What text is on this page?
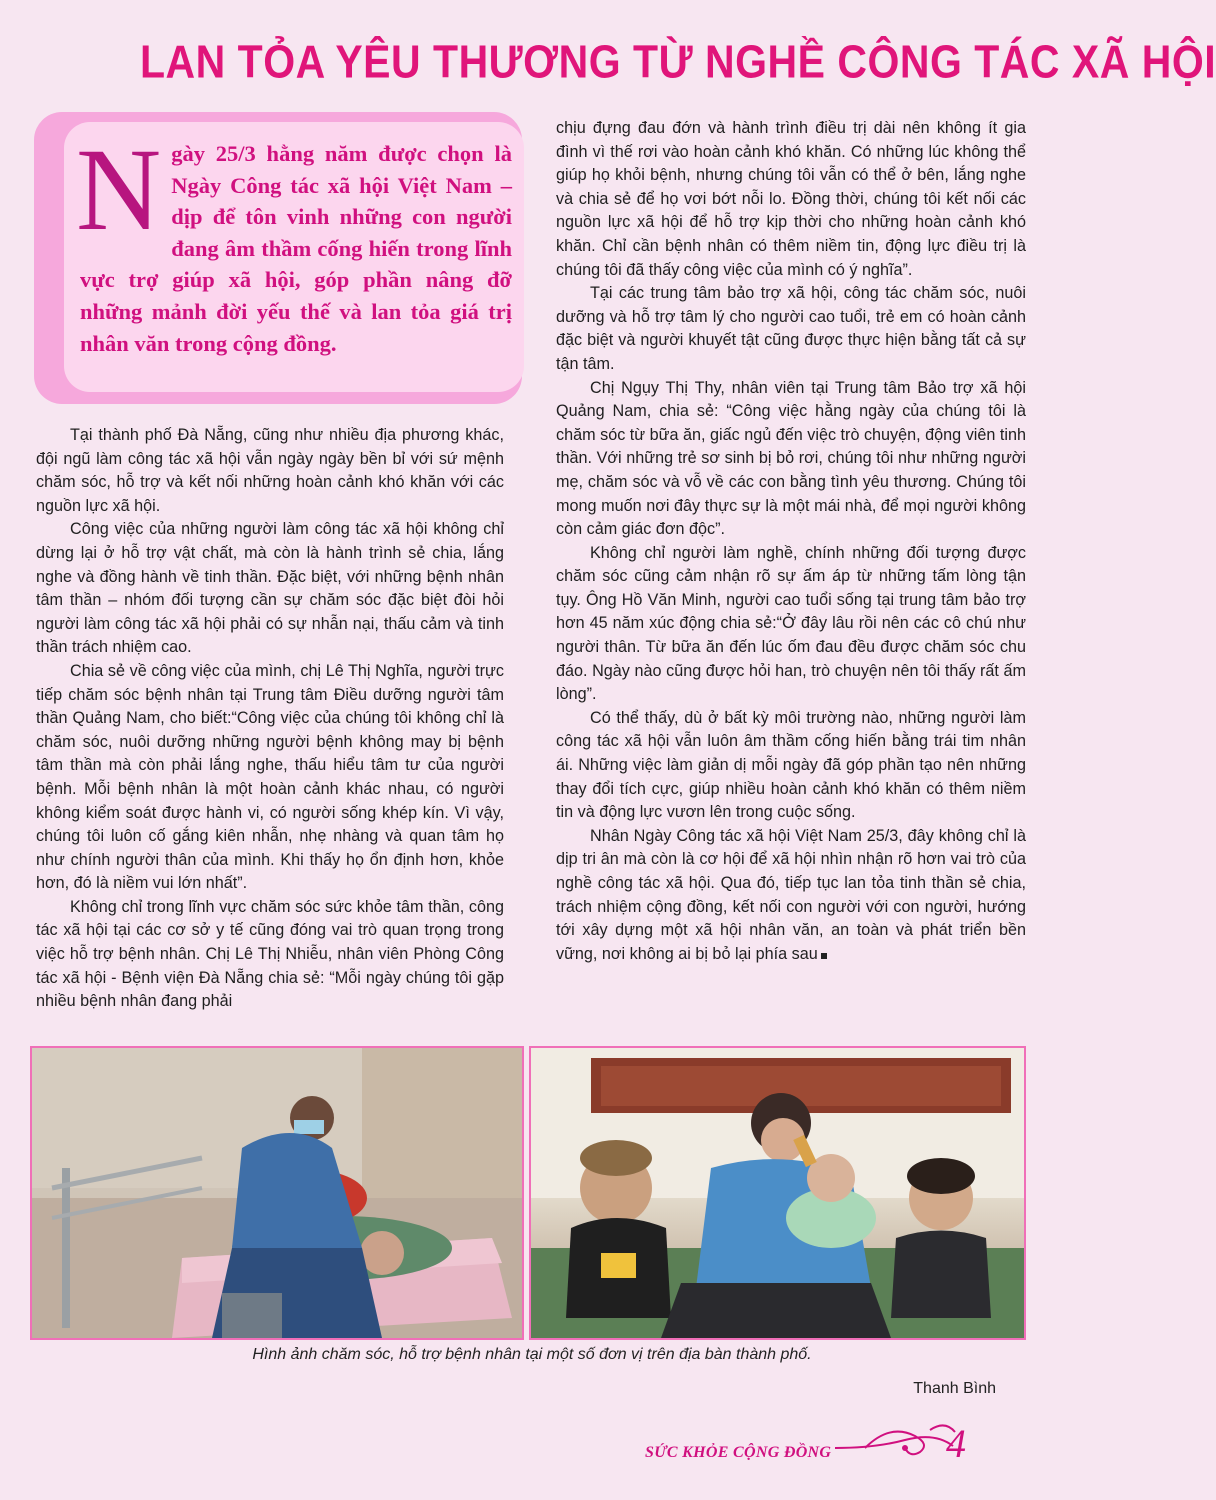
LAN TỎA YÊU THƯƠNG TỪ NGHỀ CÔNG TÁC XÃ HỘI
Ngày 25/3 hằng năm được chọn là Ngày Công tác xã hội Việt Nam – dịp để tôn vinh những con người đang âm thầm cống hiến trong lĩnh vực trợ giúp xã hội, góp phần nâng đỡ những mảnh đời yếu thế và lan tỏa giá trị nhân văn trong cộng đồng.

Tại thành phố Đà Nẵng, cũng như nhiều địa phương khác, đội ngũ làm công tác xã hội vẫn ngày ngày bền bỉ với sứ mệnh chăm sóc, hỗ trợ và kết nối những hoàn cảnh khó khăn với các nguồn lực xã hội.

Công việc của những người làm công tác xã hội không chỉ dừng lại ở hỗ trợ vật chất, mà còn là hành trình sẻ chia, lắng nghe và đồng hành về tinh thần. Đặc biệt, với những bệnh nhân tâm thần – nhóm đối tượng cần sự chăm sóc đặc biệt đòi hỏi người làm công tác xã hội phải có sự nhẫn nại, thấu cảm và tinh thần trách nhiệm cao.

Chia sẻ về công việc của mình, chị Lê Thị Nghĩa, người trực tiếp chăm sóc bệnh nhân tại Trung tâm Điều dưỡng người tâm thần Quảng Nam, cho biết:“Công việc của chúng tôi không chỉ là chăm sóc, nuôi dưỡng những người bệnh không may bị bệnh tâm thần mà còn phải lắng nghe, thấu hiểu tâm tư của người bệnh. Mỗi bệnh nhân là một hoàn cảnh khác nhau, có người không kiểm soát được hành vi, có người sống khép kín. Vì vậy, chúng tôi luôn cố gắng kiên nhẫn, nhẹ nhàng và quan tâm họ như chính người thân của mình. Khi thấy họ ổn định hơn, khỏe hơn, đó là niềm vui lớn nhất”.

Không chỉ trong lĩnh vực chăm sóc sức khỏe tâm thần, công tác xã hội tại các cơ sở y tế cũng đóng vai trò quan trọng trong việc hỗ trợ bệnh nhân. Chị Lê Thị Nhiễu, nhân viên Phòng Công tác xã hội - Bệnh viện Đà Nẵng chia sẻ: “Mỗi ngày chúng tôi gặp nhiều bệnh nhân đang phải

chịu đựng đau đớn và hành trình điều trị dài nên không ít gia đình vì thế rơi vào hoàn cảnh khó khăn. Có những lúc không thể giúp họ khỏi bệnh, nhưng chúng tôi vẫn có thể ở bên, lắng nghe và chia sẻ để họ vơi bớt nỗi lo. Đồng thời, chúng tôi kết nối các nguồn lực xã hội để hỗ trợ kịp thời cho những hoàn cảnh khó khăn. Chỉ cần bệnh nhân có thêm niềm tin, động lực điều trị là chúng tôi đã thấy công việc của mình có ý nghĩa”.

Tại các trung tâm bảo trợ xã hội, công tác chăm sóc, nuôi dưỡng và hỗ trợ tâm lý cho người cao tuổi, trẻ em có hoàn cảnh đặc biệt và người khuyết tật cũng được thực hiện bằng tất cả sự tận tâm.

Chị Ngụy Thị Thy, nhân viên tại Trung tâm Bảo trợ xã hội Quảng Nam, chia sẻ: “Công việc hằng ngày của chúng tôi là chăm sóc từ bữa ăn, giấc ngủ đến việc trò chuyện, động viên tinh thần. Với những trẻ sơ sinh bị bỏ rơi, chúng tôi như những người mẹ, chăm sóc và vỗ về các con bằng tình yêu thương. Chúng tôi mong muốn nơi đây thực sự là một mái nhà, để mọi người không còn cảm giác đơn độc”.

Không chỉ người làm nghề, chính những đối tượng được chăm sóc cũng cảm nhận rõ sự ấm áp từ những tấm lòng tận tụy. Ông Hồ Văn Minh, người cao tuổi sống tại trung tâm bảo trợ hơn 45 năm xúc động chia sẻ:“Ở đây lâu rồi nên các cô chú như người thân. Từ bữa ăn đến lúc ốm đau đều được chăm sóc chu đáo. Ngày nào cũng được hỏi han, trò chuyện nên tôi thấy rất ấm lòng”.

Có thể thấy, dù ở bất kỳ môi trường nào, những người làm công tác xã hội vẫn luôn âm thầm cống hiến bằng trái tim nhân ái. Những việc làm giản dị mỗi ngày đã góp phần tạo nên những thay đổi tích cực, giúp nhiều hoàn cảnh khó khăn có thêm niềm tin và động lực vươn lên trong cuộc sống.

Nhân Ngày Công tác xã hội Việt Nam 25/3, đây không chỉ là dịp tri ân mà còn là cơ hội để xã hội nhìn nhận rõ hơn vai trò của nghề công tác xã hội. Qua đó, tiếp tục lan tỏa tinh thần sẻ chia, trách nhiệm cộng đồng, kết nối con người với con người, hướng tới xây dựng một xã hội nhân văn, an toàn và phát triển bền vững, nơi không ai bị bỏ lại phía sau

Hình ảnh chăm sóc, hỗ trợ bệnh nhân tại một số đơn vị trên địa bàn thành phố.
Thanh Bình
SỨC KHỎE CỘNG ĐỒNG	4
